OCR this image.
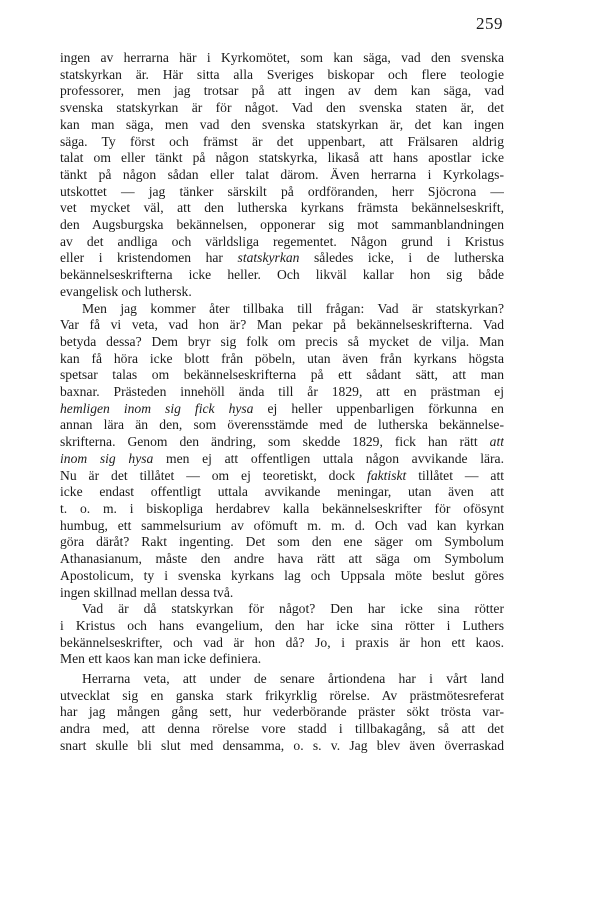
259
ingen av herrarna här i Kyrkomötet, som kan säga, vad den svenska
statskyrkan är. Här sitta alla Sveriges biskopar och flere teologie
professorer, men jag trotsar på att ingen av dem kan säga, vad
svenska statskyrkan är för något. Vad den svenska staten är, det
kan man säga, men vad den svenska statskyrkan är, det kan ingen
säga. Ty först och främst är det uppenbart, att Frälsaren aldrig
talat om eller tänkt på någon statskyrka, likaså att hans apostlar icke
tänkt på någon sådan eller talat därom. Även herrarna i Kyrkolags-
utskottet — jag tänker särskilt på ordföranden, herr Sjöcrona —
vet mycket väl, att den lutherska kyrkans främsta bekännelseskrift,
den Augsburgska bekännelsen, opponerar sig mot sammanblandningen
av det andliga och världsliga regementet. Någon grund i Kristus
eller i kristendomen har statskyrkan således icke, i de lutherska
bekännelseskrifterna icke heller. Och likväl kallar hon sig både
evangelisk och luthersk.
Men jag kommer åter tillbaka till frågan: Vad är statskyrkan?
Var få vi veta, vad hon är? Man pekar på bekännelseskrifterna. Vad
betyda dessa? Dem bryr sig folk om precis så mycket de vilja. Man
kan få höra icke blott från pöbeln, utan även från kyrkans högsta
spetsar talas om bekännelseskrifterna på ett sådant sätt, att man
baxnar. Prästeden innehöll ända till år 1829, att en prästman ej
hemligen inom sig fick hysa ej heller uppenbarligen förkunna en
annan lära än den, som överensstämde med de lutherska bekännelse-
skrifterna. Genom den ändring, som skedde 1829, fick han rätt att
inom sig hysa men ej att offentligen uttala någon avvikande lära.
Nu är det tillåtet — om ej teoretiskt, dock faktiskt tillåtet — att
icke endast offentligt uttala avvikande meningar, utan även att
t. o. m. i biskopliga herdabrev kalla bekännelseskrifter för ofösynt
humbug, ett sammelsurium av ofömuft m. m. d. Och vad kan kyrkan
göra däråt? Rakt ingenting. Det som den ene säger om Symbolum
Athanasianum, måste den andre hava rätt att säga om Symbolum
Apostolicum, ty i svenska kyrkans lag och Uppsala möte beslut göres
ingen skillnad mellan dessa två.
Vad är då statskyrkan för något? Den har icke sina rötter
i Kristus och hans evangelium, den har icke sina rötter i Luthers
bekännelseskrifter, och vad är hon då? Jo, i praxis är hon ett kaos.
Men ett kaos kan man icke definiera.
Herrarna veta, att under de senare årtiondena har i vårt land
utvecklat sig en ganska stark frikyrklig rörelse. Av prästmötesreferat
har jag mången gång sett, hur vederbörande präster sökt trösta var-
andra med, att denna rörelse vore stadd i tillbakagång, så att det
snart skulle bli slut med densamma, o. s. v. Jag blev även överraskad
